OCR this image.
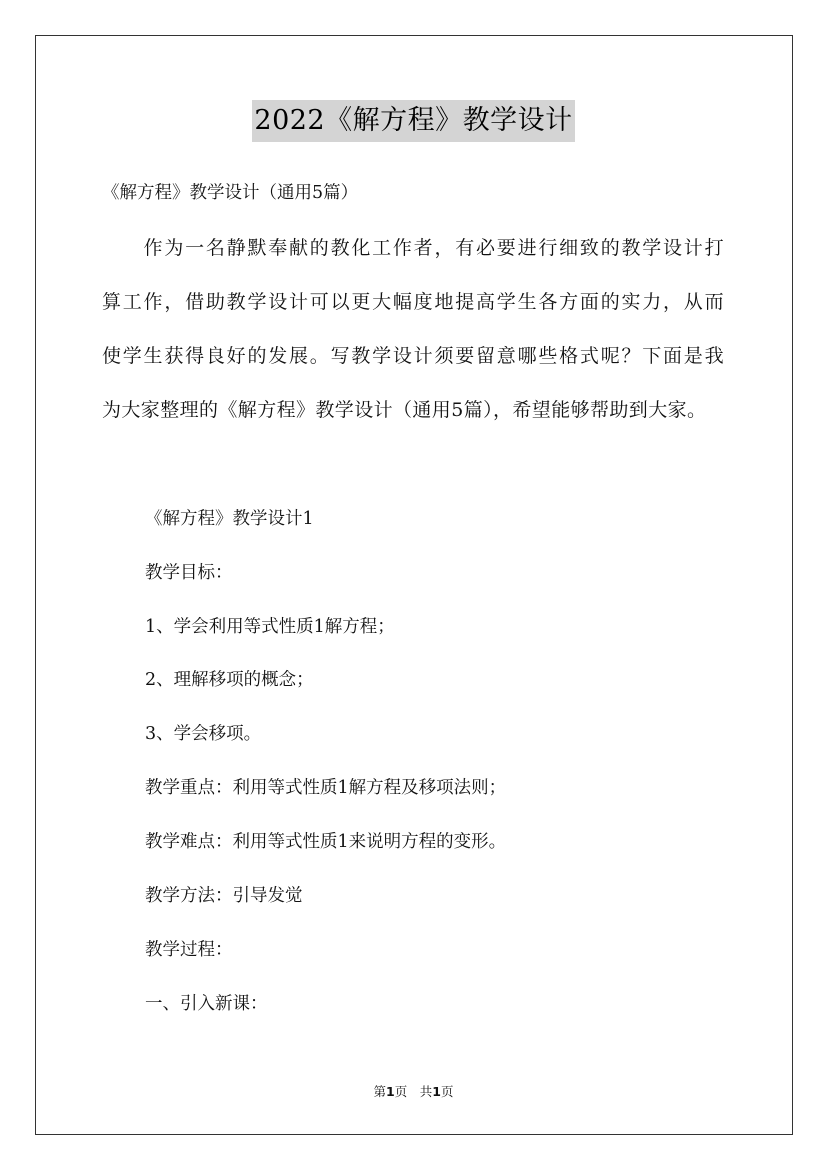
2022《解方程》教学设计
《解方程》教学设计（通用5篇）
　　作为一名静默奉献的教化工作者，有必要进行细致的教学设计打
算工作，借助教学设计可以更大幅度地提高学生各方面的实力，从而
使学生获得良好的发展。写教学设计须要留意哪些格式呢？下面是我
为大家整理的《解方程》教学设计（通用5篇），希望能够帮助到大家。
《解方程》教学设计1
教学目标：
1、学会利用等式性质1解方程；
2、理解移项的概念；
3、学会移项。
教学重点：利用等式性质1解方程及移项法则；
教学难点：利用等式性质1来说明方程的变形。
教学方法：引导发觉
教学过程：
一、引入新课：
第1页　共1页
